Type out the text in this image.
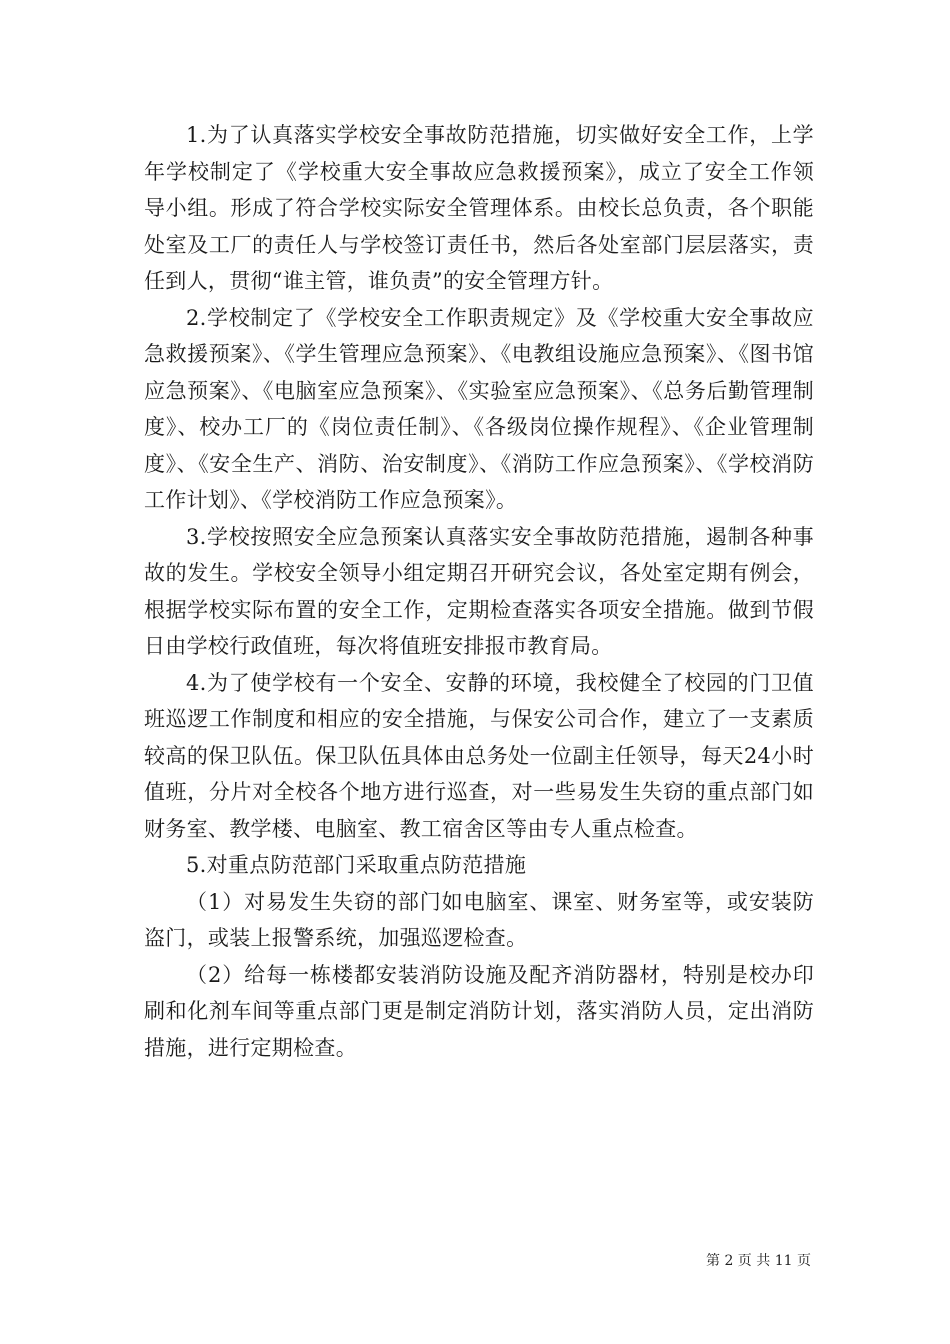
1.为了认真落实学校安全事故防范措施，切实做好安全工作，上学年学校制定了《学校重大安全事故应急救援预案》，成立了安全工作领导小组。形成了符合学校实际安全管理体系。由校长总负责，各个职能处室及工厂的责任人与学校签订责任书，然后各处室部门层层落实，责任到人，贯彻“谁主管，谁负责”的安全管理方针。

2.学校制定了《学校安全工作职责规定》及《学校重大安全事故应急救援预案》、《学生管理应急预案》、《电教组设施应急预案》、《图书馆应急预案》、《电脑室应急预案》、《实验室应急预案》、《总务后勤管理制度》、校办工厂的《岗位责任制》、《各级岗位操作规程》、《企业管理制度》、《安全生产、消防、治安制度》、《消防工作应急预案》、《学校消防工作计划》、《学校消防工作应急预案》。

3.学校按照安全应急预案认真落实安全事故防范措施，遏制各种事故的发生。学校安全领导小组定期召开研究会议，各处室定期有例会，根据学校实际布置的安全工作，定期检查落实各项安全措施。做到节假日由学校行政值班，每次将值班安排报市教育局。

4.为了使学校有一个安全、安静的环境，我校健全了校园的门卫值班巡逻工作制度和相应的安全措施，与保安公司合作，建立了一支素质较高的保卫队伍。保卫队伍具体由总务处一位副主任领导，每天24小时值班，分片对全校各个地方进行巡查，对一些易发生失窃的重点部门如财务室、教学楼、电脑室、教工宿舍区等由专人重点检查。

5.对重点防范部门采取重点防范措施

（1）对易发生失窃的部门如电脑室、课室、财务室等，或安装防盗门，或装上报警系统，加强巡逻检查。

（2）给每一栋楼都安装消防设施及配齐消防器材，特别是校办印刷和化剂车间等重点部门更是制定消防计划，落实消防人员，定出消防措施，进行定期检查。

第 2 页 共 11 页
